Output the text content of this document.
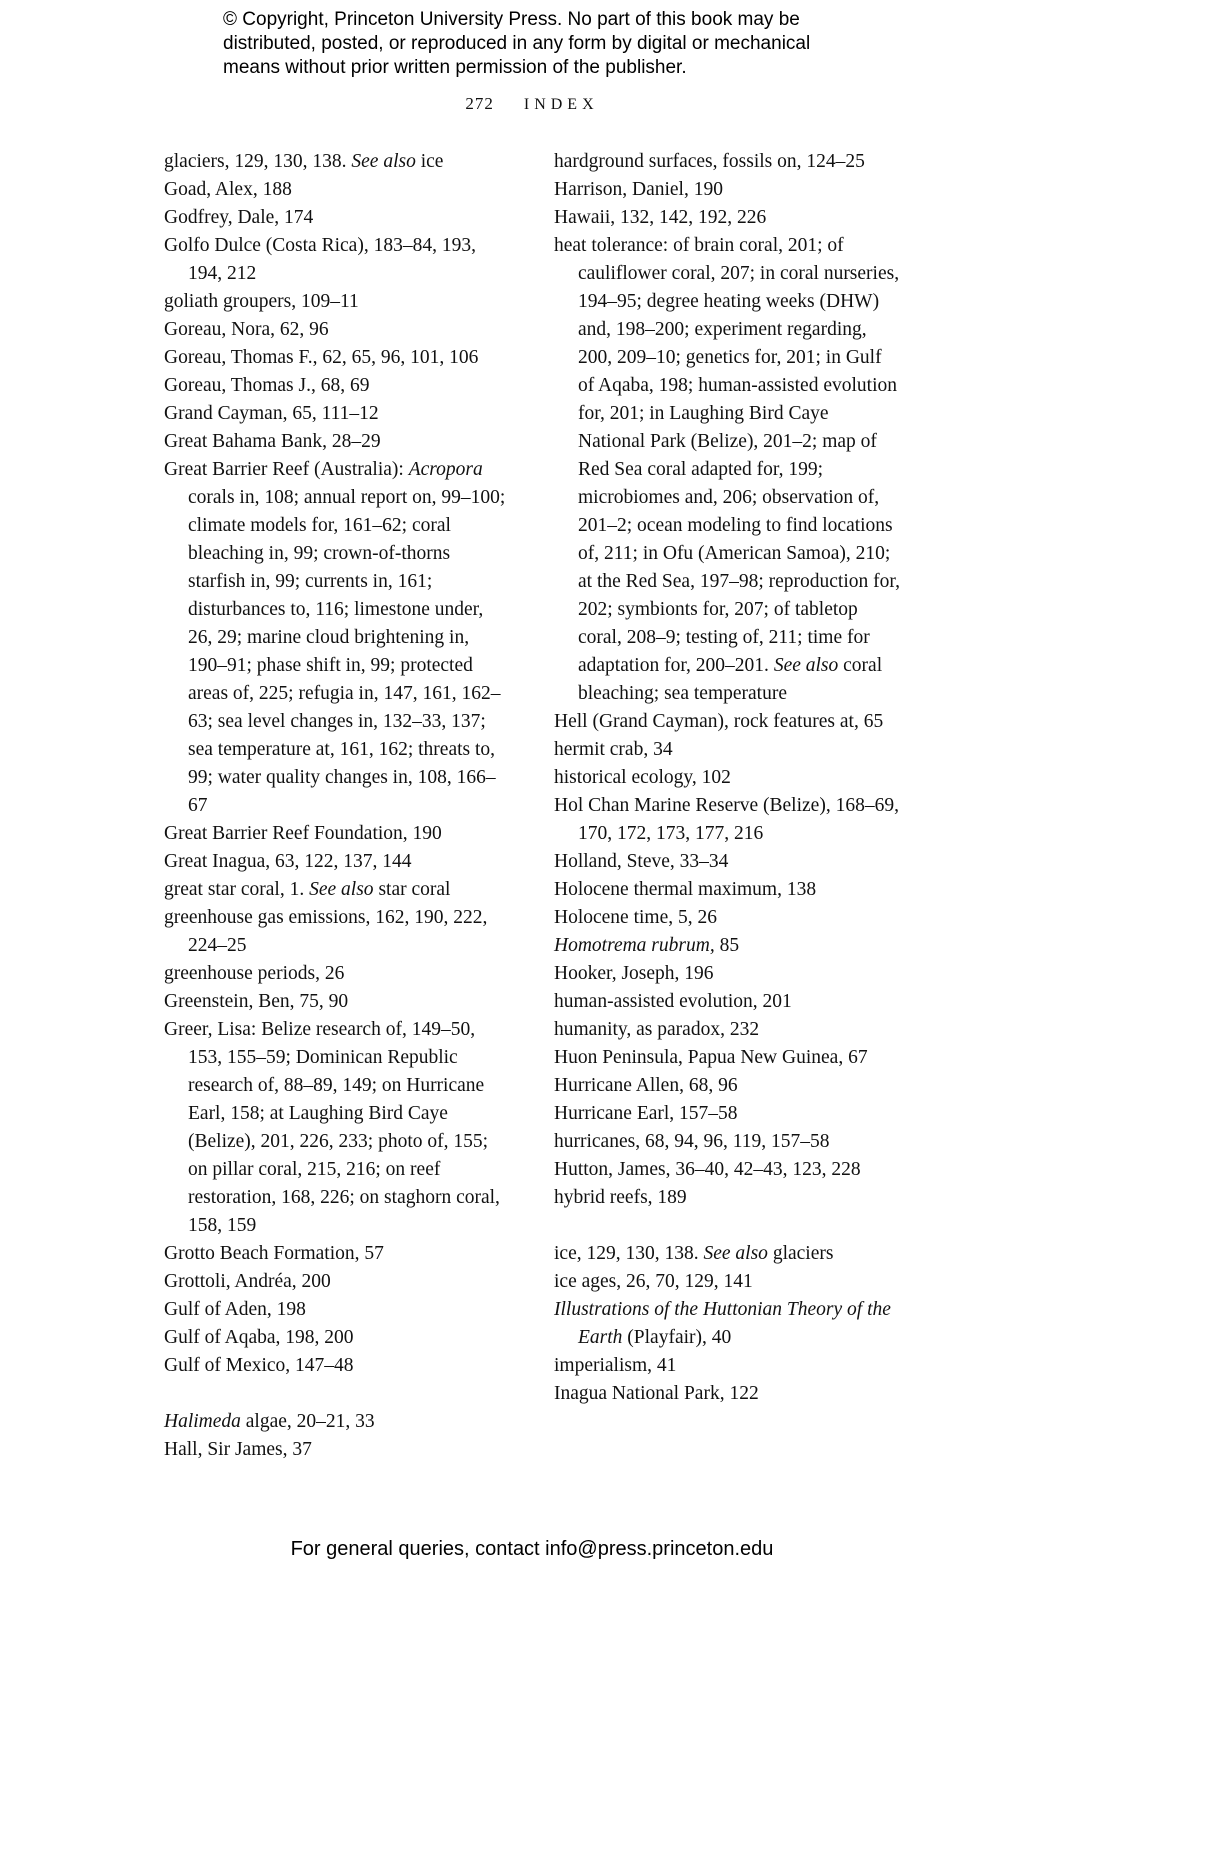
© Copyright, Princeton University Press. No part of this book may be distributed, posted, or reproduced in any form by digital or mechanical means without prior written permission of the publisher.
272 INDEX

glaciers, 129, 130, 138. See also ice

Goad, Alex, 188

Godfrey, Dale, 174

Golfo Dulce (Costa Rica), 183–84, 193, 194, 212

goliath groupers, 109–11

Goreau, Nora, 62, 96

Goreau, Thomas F., 62, 65, 96, 101, 106

Goreau, Thomas J., 68, 69

Grand Cayman, 65, 111–12

Great Bahama Bank, 28–29

Great Barrier Reef (Australia): Acropora corals in, 108; annual report on, 99–100; climate models for, 161–62; coral bleaching in, 99; crown-of-thorns starfish in, 99; currents in, 161; disturbances to, 116; limestone under, 26, 29; marine cloud brightening in, 190–91; phase shift in, 99; protected areas of, 225; refugia in, 147, 161, 162–63; sea level changes in, 132–33, 137; sea temperature at, 161, 162; threats to, 99; water quality changes in, 108, 166–67

Great Barrier Reef Foundation, 190

Great Inagua, 63, 122, 137, 144

great star coral, 1. See also star coral

greenhouse gas emissions, 162, 190, 222, 224–25

greenhouse periods, 26

Greenstein, Ben, 75, 90

Greer, Lisa: Belize research of, 149–50, 153, 155–59; Dominican Republic research of, 88–89, 149; on Hurricane Earl, 158; at Laughing Bird Caye (Belize), 201, 226, 233; photo of, 155; on pillar coral, 215, 216; on reef restoration, 168, 226; on staghorn coral, 158, 159

Grotto Beach Formation, 57

Grottoli, Andréa, 200

Gulf of Aden, 198

Gulf of Aqaba, 198, 200

Gulf of Mexico, 147–48

Halimeda algae, 20–21, 33

Hall, Sir James, 37

hardground surfaces, fossils on, 124–25

Harrison, Daniel, 190

Hawaii, 132, 142, 192, 226

heat tolerance: of brain coral, 201; of cauliflower coral, 207; in coral nurseries, 194–95; degree heating weeks (DHW) and, 198–200; experiment regarding, 200, 209–10; genetics for, 201; in Gulf of Aqaba, 198; human-assisted evolution for, 201; in Laughing Bird Caye National Park (Belize), 201–2; map of Red Sea coral adapted for, 199; microbiomes and, 206; observation of, 201–2; ocean modeling to find locations of, 211; in Ofu (American Samoa), 210; at the Red Sea, 197–98; reproduction for, 202; symbionts for, 207; of tabletop coral, 208–9; testing of, 211; time for adaptation for, 200–201. See also coral bleaching; sea temperature

Hell (Grand Cayman), rock features at, 65

hermit crab, 34

historical ecology, 102

Hol Chan Marine Reserve (Belize), 168–69, 170, 172, 173, 177, 216

Holland, Steve, 33–34

Holocene thermal maximum, 138

Holocene time, 5, 26

Homotrema rubrum, 85

Hooker, Joseph, 196

human-assisted evolution, 201

humanity, as paradox, 232

Huon Peninsula, Papua New Guinea, 67

Hurricane Allen, 68, 96

Hurricane Earl, 157–58

hurricanes, 68, 94, 96, 119, 157–58

Hutton, James, 36–40, 42–43, 123, 228

hybrid reefs, 189

ice, 129, 130, 138. See also glaciers

ice ages, 26, 70, 129, 141

Illustrations of the Huttonian Theory of the Earth (Playfair), 40

imperialism, 41

Inagua National Park, 122

For general queries, contact info@press.princeton.edu
